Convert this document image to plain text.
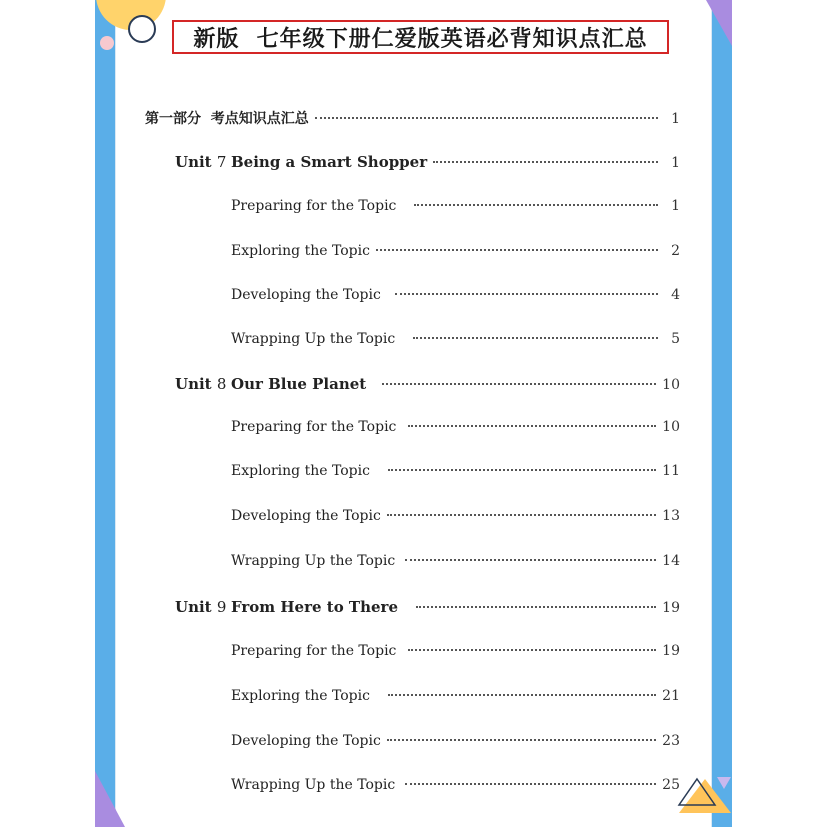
新版  七年级下册仁爱版英语必背知识点汇总
第一部分  考点知识点汇总	1
Unit 7 Being a Smart Shopper	1
Preparing for the Topic	1
Exploring the Topic	2
Developing the Topic	4
Wrapping Up the Topic	5
Unit 8 Our Blue Planet	10
Preparing for the Topic	10
Exploring the Topic	11
Developing the Topic	13
Wrapping Up the Topic	14
Unit 9 From Here to There	19
Preparing for the Topic	19
Exploring the Topic	21
Developing the Topic	23
Wrapping Up the Topic	25
